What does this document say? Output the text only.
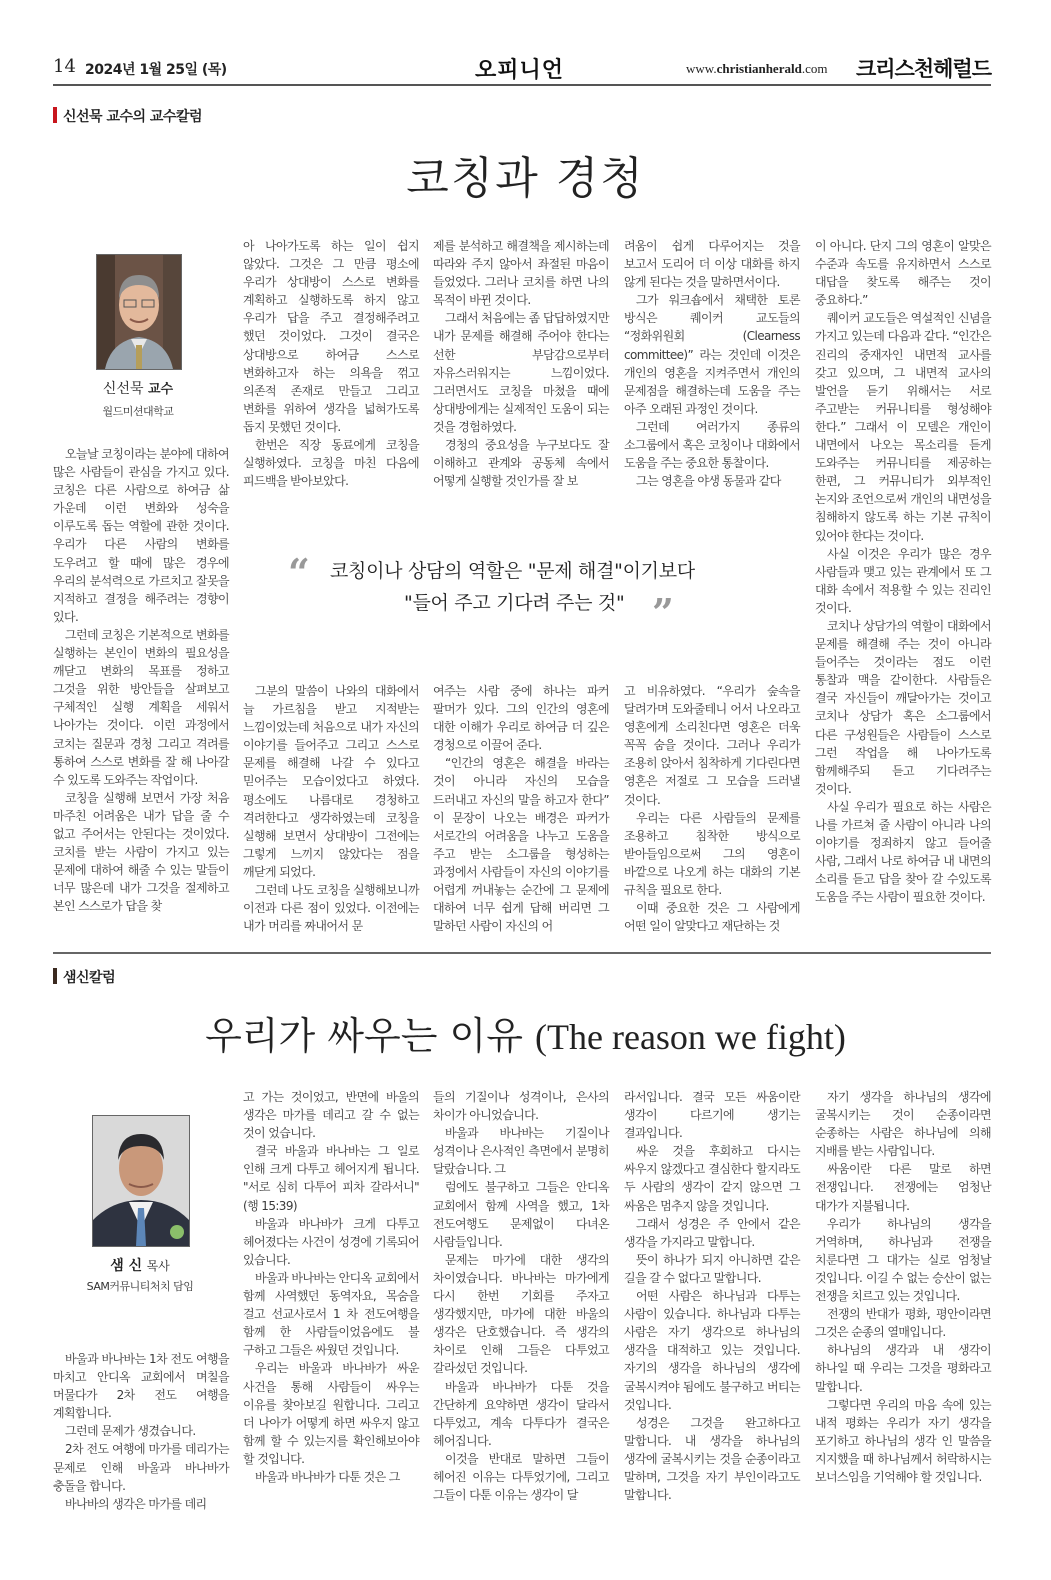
14 2024년 1월 25일 (목)	오피니언	www.christianherald.com 크리스천헤럴드
신선묵 교수의 교수칼럼
코칭과 경청
신선묵 교수
월드미션대학교

오늘날 코칭이라는 분야에 대하여 많은 사람들이 관심을 가지고 있다. 코칭은 다른 사람으로 하여금 삶 가운데 이런 변화와 성숙을 이루도록 돕는 역할에 관한 것이다. 우리가 다른 사람의 변화를 도우려고 할 때에 많은 경우에 우리의 분석력으로 가르치고 잘못을 지적하고 결정을 해주려는 경향이 있다.

그런데 코칭은 기본적으로 변화를 실행하는 본인이 변화의 필요성을 깨닫고 변화의 목표를 정하고 그것을 위한 방안들을 살펴보고 구체적인 실행 계획을 세워서 나아가는 것이다. 이런 과정에서 코치는 질문과 경청 그리고 격려를 통하여 스스로 변화를 잘 해 나아갈 수 있도록 도와주는 작업이다.

코칭을 실행해 보면서 가장 처음 마주친 어려움은 내가 답을 줄 수 없고 주어서는 안된다는 것이었다. 코치를 받는 사람이 가지고 있는 문제에 대하여 해줄 수 있는 말들이 너무 많은데 내가 그것을 절제하고 본인 스스로가 답을 찾

아 나아가도록 하는 일이 쉽지 않았다. 그것은 그 만큼 평소에 우리가 상대방이 스스로 변화를 계획하고 실행하도록 하지 않고 우리가 답을 주고 결정해주려고 했던 것이었다. 그것이 결국은 상대방으로 하여금 스스로 변화하고자 하는 의욕을 꺾고 의존적 존재로 만들고 그리고 변화를 위하여 생각을 넓혀가도록 돕지 못했던 것이다.

한번은 직장 동료에게 코칭을 실행하였다. 코칭을 마친 다음에 피드백을 받아보았다.

그분의 말씀이 나와의 대화에서 늘 가르침을 받고 지적받는 느낌이었는데 처음으로 내가 자신의 이야기를 들어주고 그리고 스스로 문제를 해결해 나갈 수 있다고 믿어주는 모습이었다고 하였다. 평소에도 나름대로 경청하고 격려한다고 생각하였는데 코칭을 실행해 보면서 상대방이 그전에는 그렇게 느끼지 않았다는 점을 깨닫게 되었다.

그런데 나도 코칭을 실행해보니까 이전과 다른 점이 있었다. 이전에는 내가 머리를 짜내어서 문

제를 분석하고 해결책을 제시하는데 따라와 주지 않아서 좌절된 마음이 들었었다. 그러나 코치를 하면 나의 목적이 바뀐 것이다.

그래서 처음에는 좀 답답하였지만 내가 문제를 해결해 주어야 한다는 선한 부담감으로부터 자유스러워지는 느낌이었다. 그러면서도 코칭을 마쳤을 때에 상대방에게는 실제적인 도움이 되는 것을 경험하였다.

경청의 중요성을 누구보다도 잘 이해하고 관계와 공동체 속에서 어떻게 실행할 것인가를 잘 보

여주는 사람 중에 하나는 파커 팔머가 있다. 그의 인간의 영혼에 대한 이해가 우리로 하여금 더 깊은 경청으로 이끌어 준다.

“인간의 영혼은 해결을 바라는 것이 아니라 자신의 모습을 드러내고 자신의 말을 하고자 한다” 이 문장이 나오는 배경은 파커가 서로간의 어려움을 나누고 도움을 주고 받는 소그룹을 형성하는 과정에서 사람들이 자신의 이야기를 어렵게 꺼내놓는 순간에 그 문제에 대하여 너무 쉽게 답해 버리면 그 말하던 사람이 자신의 어

려움이 쉽게 다루어지는 것을 보고서 도리어 더 이상 대화를 하지 않게 된다는 것을 말하면서이다.

그가 워크숍에서 채택한 토론 방식은 퀘이커 교도들의 “정화위원회 (Clearness committee)” 라는 것인데 이것은 개인의 영혼을 지켜주면서 개인의 문제점을 해결하는데 도움을 주는 아주 오래된 과정인 것이다.

그런데 여러가지 종류의 소그룹에서 혹은 코칭이나 대화에서 도움을 주는 중요한 통찰이다.

그는 영혼을 야생 동물과 같다

고 비유하였다. “우리가 숲속을 달려가며 도와줄테니 어서 나오라고 영혼에게 소리친다면 영혼은 더욱 꼭꼭 숨을 것이다. 그러나 우리가 조용히 앉아서 침착하게 기다린다면 영혼은 저절로 그 모습을 드러낼 것이다.

우리는 다른 사람들의 문제를 조용하고 침착한 방식으로 받아들임으로써 그의 영혼이 바깥으로 나오게 하는 대화의 기본 규칙을 필요로 한다.

이때 중요한 것은 그 사람에게 어떤 일이 알맞다고 재단하는 것

이 아니다. 단지 그의 영혼이 알맞은 수준과 속도를 유지하면서 스스로 대답을 찾도록 해주는 것이 중요하다.”

퀘이커 교도들은 역설적인 신념을 가지고 있는데 다음과 같다. “인간은 진리의 중재자인 내면적 교사를 갖고 있으며, 그 내면적 교사의 발언을 듣기 위해서는 서로 주고받는 커뮤니티를 형성해야 한다.” 그래서 이 모델은 개인이 내면에서 나오는 목소리를 듣게 도와주는 커뮤니티를 제공하는 한편, 그 커뮤니티가 외부적인 논지와 조언으로써 개인의 내면성을 침해하지 않도록 하는 기본 규칙이 있어야 한다는 것이다.

사실 이것은 우리가 많은 경우 사람들과 맺고 있는 관계에서 또 그 대화 속에서 적용할 수 있는 진리인 것이다.

코치나 상담가의 역할이 대화에서 문제를 해결해 주는 것이 아니라 들어주는 것이라는 점도 이런 통찰과 맥을 같이한다. 사람들은 결국 자신들이 깨달아가는 것이고 코치나 상담가 혹은 소그룹에서 다른 구성원들은 사람들이 스스로 그런 작업을 해 나아가도록 함께해주되 듣고 기다려주는 것이다.

사실 우리가 필요로 하는 사람은 나를 가르쳐 줄 사람이 아니라 나의 이야기를 정죄하지 않고 들어줄 사람, 그래서 나로 하여금 내 내면의 소리를 듣고 답을 찾아 갈 수있도록 도움을 주는 사람이 필요한 것이다.

“ 코칭이나 상담의 역할은 "문제 해결"이기보다
"들어 주고 기다려 주는 것" ”
샘신칼럼
우리가 싸우는 이유 (The reason we fight)
샘 신 목사
SAM커뮤니티처치 담임

바울과 바나바는 1차 전도 여행을 마치고 안디옥 교회에서 며칠을 머물다가 2차 전도 여행을 계획합니다.

그런데 문제가 생겼습니다.

2차 전도 여행에 마가를 데리가는 문제로 인해 바울과 바나바가 충돌을 합니다.

바나바의 생각은 마가를 데리

고 가는 것이었고, 반면에 바울의 생각은 마가를 데리고 갈 수 없는 것이 었습니다.

결국 바울과 바나바는 그 일로 인해 크게 다투고 헤어지게 됩니다. "서로 심히 다투어 피차 갈라서니"(행 15:39)

바울과 바나바가 크게 다투고 헤어졌다는 사건이 성경에 기록되어 있습니다.

바울과 바나바는 안디옥 교회에서 함께 사역했던 동역자요, 목숨을 걸고 선교사로서 1 차 전도여행을 함께 한 사람들이었음에도 불 구하고 그들은 싸웠던 것입니다.

우리는 바울과 바나바가 싸운 사건을 통해 사람들이 싸우는 이유를 찾아보길 원합니다. 그리고 더 나아가 어떻게 하면 싸우지 않고 함께 할 수 있는지를 확인해보아야 할 것입니다.

바울과 바나바가 다툰 것은 그

들의 기질이나 성격이나, 은사의 차이가 아니었습니다.

바울과 바나바는 기질이나 성격이나 은사적인 측면에서 분명히 달랐습니다. 그

럼에도 불구하고 그들은 안디옥 교회에서 함께 사역을 했고, 1차 전도여행도 문제없이 다녀온 사람들입니다.

문제는 마가에 대한 생각의 차이였습니다. 바나바는 마가에게 다시 한번 기회를 주자고 생각했지만, 마가에 대한 바울의 생각은 단호했습니다. 즉 생각의 차이로 인해 그들은 다투었고 갈라섰던 것입니다.

바울과 바나바가 다툰 것을 간단하게 요약하면 생각이 달라서 다투었고, 계속 다투다가 결국은 헤어집니다.

이것을 반대로 말하면 그들이 헤어진 이유는 다투었기에, 그리고 그들이 다툰 이유는 생각이 달

라서입니다. 결국 모든 싸움이란 생각이 다르기에 생기는 결과입니다.

싸운 것을 후회하고 다시는 싸우지 않겠다고 결심한다 할지라도 두 사람의 생각이 같지 않으면 그 싸움은 멈추지 않을 것입니다.

그래서 성경은 주 안에서 같은 생각을 가지라고 말합니다.

뜻이 하나가 되지 아니하면 같은 길을 갈 수 없다고 말합니다.

어떤 사람은 하나님과 다투는 사람이 있습니다. 하나님과 다투는 사람은 자기 생각으로 하나님의 생각을 대적하고 있는 것입니다. 자기의 생각을 하나님의 생각에 굴복시켜야 됨에도 불구하고 버티는 것입니다.

성경은 그것을 완고하다고 말합니다. 내 생각을 하나님의 생각에 굴복시키는 것을 순종이라고 말하며, 그것을 자기 부인이라고도 말합니다.

자기 생각을 하나님의 생각에 굴복시키는 것이 순종이라면 순종하는 사람은 하나님에 의해 지배를 받는 사람입니다.

싸움이란 다른 말로 하면 전쟁입니다. 전쟁에는 엄청난 대가가 지불됩니다.

우리가 하나님의 생각을 거역하며, 하나님과 전쟁을 치룬다면 그 대가는 실로 엄청날 것입니다. 이길 수 없는 승산이 없는 전쟁을 치르고 있는 것입니다.

전쟁의 반대가 평화, 평안이라면 그것은 순종의 열매입니다.

하나님의 생각과 내 생각이 하나일 때 우리는 그것을 평화라고 말합니다.

그렇다면 우리의 마음 속에 있는 내적 평화는 우리가 자기 생각을 포기하고 하나님의 생각 인 말씀을 지지했을 때 하나님께서 허락하시는 보너스임을 기억해야 할 것입니다.
